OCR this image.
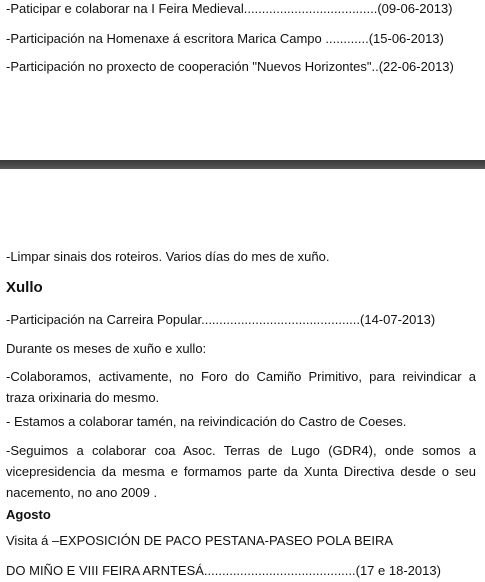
-Paticipar e colaborar na I Feira Medieval.....................................(09-06-2013)
-Participación na Homenaxe á escritora Marica Campo ............(15-06-2013)
-Participación no proxecto de cooperación "Nuevos Horizontes"..(22-06-2013)
-Limpar sinais dos roteiros. Varios días do mes de xuño.
Xullo
-Participación na Carreira Popular............................................(14-07-2013)
Durante os meses de xuño e xullo:
-Colaboramos, activamente, no Foro do Camiño Primitivo, para reivindicar a traza orixinaria do mesmo.
- Estamos a colaborar tamén, na reivindicación do Castro de Coeses.
-Seguimos a colaborar coa Asoc. Terras de Lugo (GDR4), onde somos a vicepresidencia da mesma e formamos parte da Xunta Directiva desde o seu nacemento, no ano 2009 .
Agosto
Visita á –EXPOSICIÓN DE PACO PESTANA-PASEO POLA BEIRA
DO MIÑO E VIII FEIRA ARNTESÁ..........................................(17 e 18-2013)
